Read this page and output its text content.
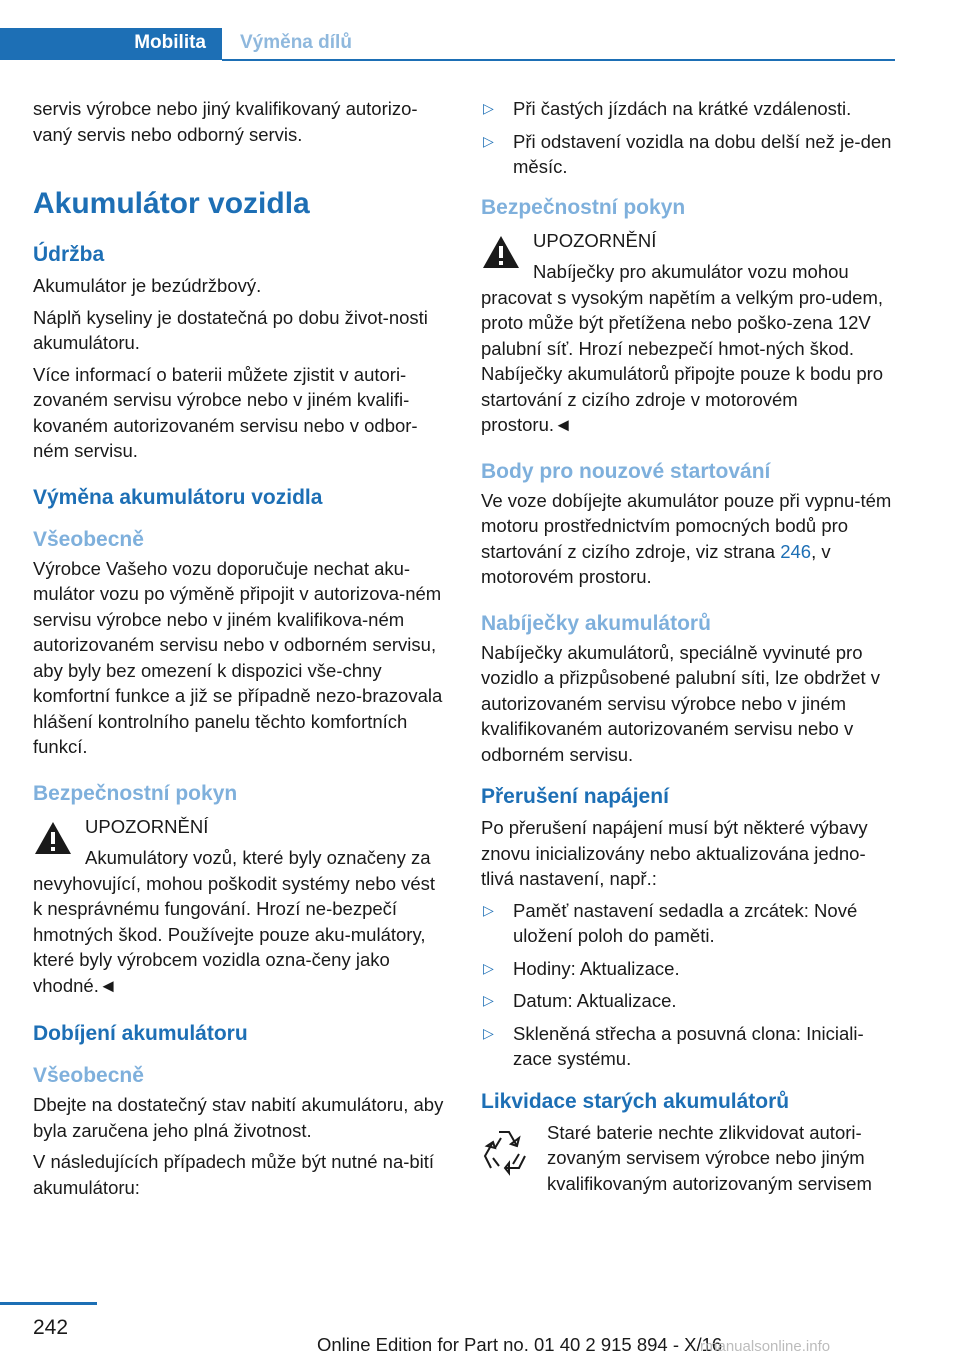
Mobilita Výměna dílů

servis výrobce nebo jiný kvalifikovaný autorizo‐vaný servis nebo odborný servis.

Akumulátor vozidla
Údržba

Akumulátor je bezúdržbový.

Náplň kyseliny je dostatečná po dobu život‐nosti akumulátoru.

Více informací o baterii můžete zjistit v autori‐zovaném servisu výrobce nebo v jiném kvalifi‐kovaném autorizovaném servisu nebo v odbor‐ném servisu.

Výměna akumulátoru vozidla
Všeobecně

Výrobce Vašeho vozu doporučuje nechat aku‐mulátor vozu po výměně připojit v autorizova‐ném servisu výrobce nebo v jiném kvalifikova‐ném autorizovaném servisu nebo v odborném servisu, aby byly bez omezení k dispozici vše‐chny komfortní funkce a již se případně nezo‐brazovala hlášení kontrolního panelu těchto komfortních funkcí.

Bezpečnostní pokyn
UPOZORNĚNÍ
Akumulátory vozů, které byly označeny za nevyhovující, mohou poškodit systémy nebo vést k nesprávnému fungování. Hrozí ne‐bezpečí hmotných škod. Používejte pouze aku‐mulátory, které byly výrobcem vozidla ozna‐čeny jako vhodné.◄
Dobíjení akumulátoru
Všeobecně

Dbejte na dostatečný stav nabití akumulátoru, aby byla zaručena jeho plná životnost.

V následujících případech může být nutné na‐bití akumulátoru:

▷ Při častých jízdách na krátké vzdálenosti.
▷ Při odstavení vozidla na dobu delší než je‐den měsíc.
Bezpečnostní pokyn
UPOZORNĚNÍ
Nabíječky pro akumulátor vozu mohou pracovat s vysokým napětím a velkým pro‐udem, proto může být přetížena nebo poško‐zena 12V palubní síť. Hrozí nebezpečí hmot‐ných škod. Nabíječky akumulátorů připojte pouze k bodu pro startování z cizího zdroje v motorovém prostoru.◄
Body pro nouzové startování

Ve voze dobíjejte akumulátor pouze při vypnu‐tém motoru prostřednictvím pomocných bodů pro startování z cizího zdroje, viz strana 246, v motorovém prostoru.

Nabíječky akumulátorů

Nabíječky akumulátorů, speciálně vyvinuté pro vozidlo a přizpůsobené palubní síti, lze obdržet v autorizovaném servisu výrobce nebo v jiném kvalifikovaném autorizovaném servisu nebo v odborném servisu.

Přerušení napájení

Po přerušení napájení musí být některé výbavy znovu inicializovány nebo aktualizována jedno‐tlivá nastavení, např.:

▷ Paměť nastavení sedadla a zrcátek: Nové uložení poloh do paměti.
▷ Hodiny: Aktualizace.
▷ Datum: Aktualizace.
▷ Skleněná střecha a posuvná clona: Iniciali‐zace systému.
Likvidace starých akumulátorů
Staré baterie nechte zlikvidovat autori‐zovaným servisem výrobce nebo jiným kvalifikovaným autorizovaným servisem
242
Online Edition for Part no. 01 40 2 915 894 - X/16
rmanualsonline.info
